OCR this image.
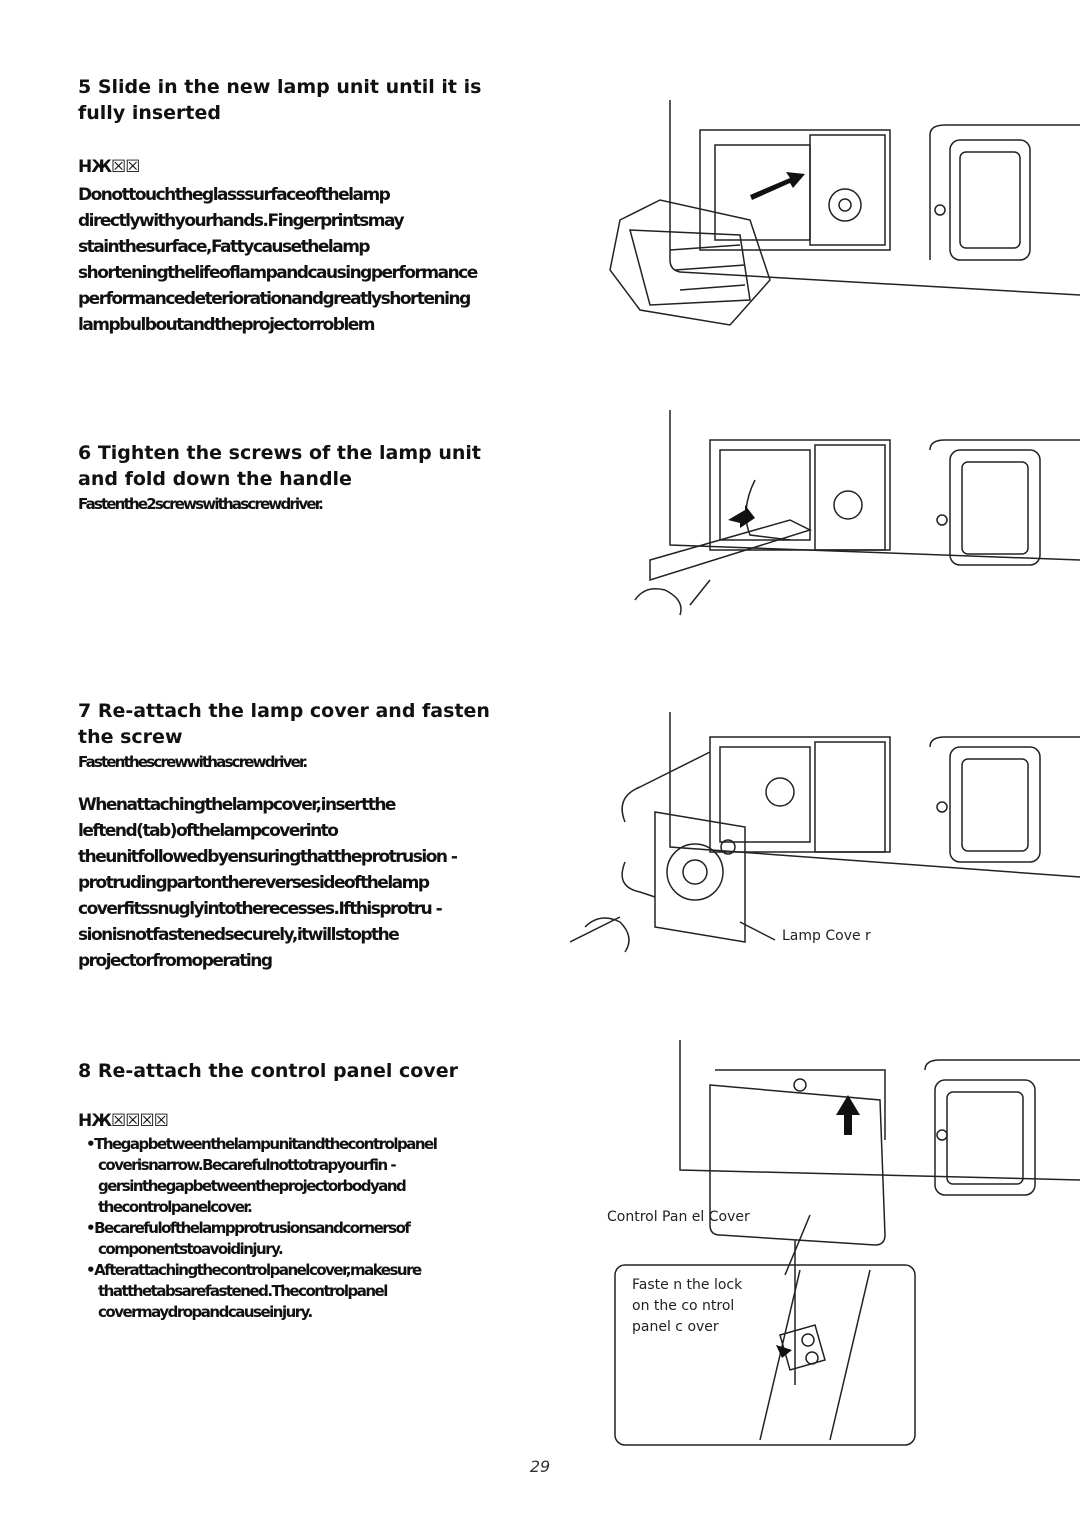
5 Slide in the new lamp unit until it is fully inserted
HЖ☒☒
Donottouchtheglasssurfaceofthelamp
directlywithyourhands.Fingerprintsmay
stainthesurface,Fattycausethelamp
shorteningthelifeoflampandcausingperformance
performancedeteriorationandgreatlyshortening
lampbulboutandtheprojectorroblem
6 Tighten the screws of the lamp unit and fold down the handle
Fastenthe2screwswithascrewdriver.
7 Re-attach the lamp cover and fasten the screw
Fastenthescrewwithascrewdriver.
Whenattachingthelampcover,insertthe
leftend(tab)ofthelampcoverinto
theunitfollowedbyensuringthattheprotrusion -
protrudingpartonthereversesideofthelamp
coverfitssnuglyintotherecesses.Ifthisprotru -
sionisnotfastenedsecurely,itwillstopthe
projectorfromoperating
Lamp Cove r
8 Re-attach the control panel cover
HЖ☒☒☒☒
•Thegapbetweenthelampunitandthecontrolpanel
coverisnarrow.Becarefulnottotrapyourfin -
gersinthegapbetweentheprojectorbodyand
thecontrolpanelcover.
•Becarefulofthelampprotrusionsandcornersof
componentstoavoidinjury.
•Afterattachingthecontrolpanelcover,makesure
thatthetabsarefastened.Thecontrolpanel
covermaydropandcauseinjury.
Control Pan el Cover
Faste n the lock
on the co ntrol
panel c over
29
